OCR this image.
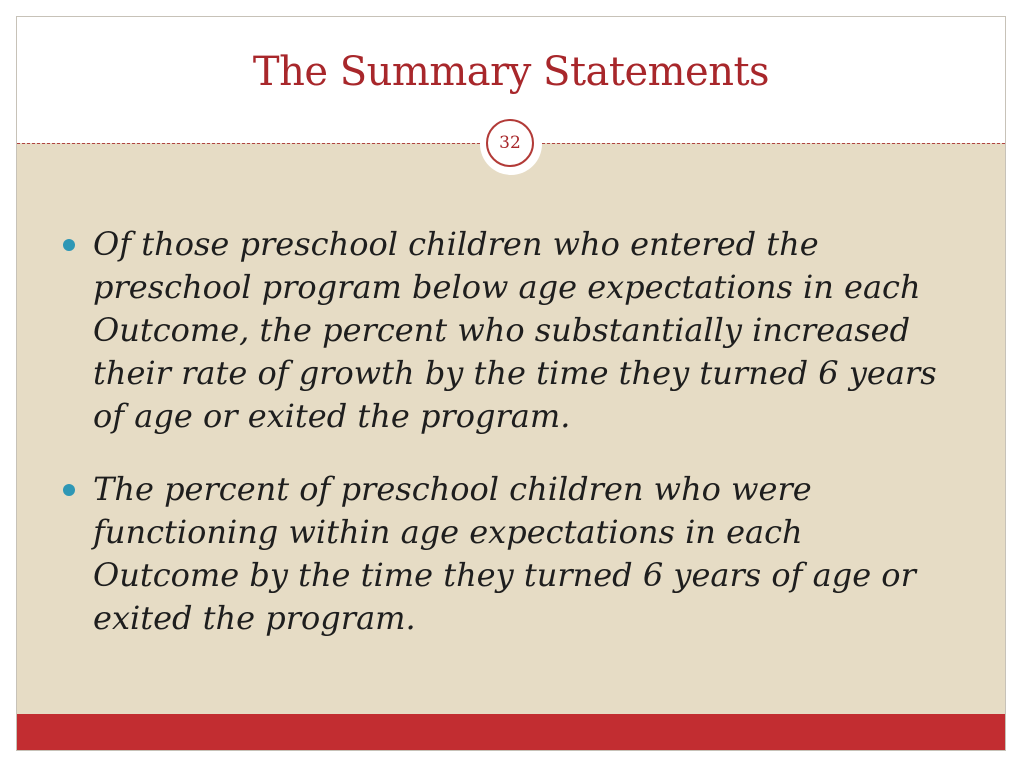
The Summary Statements
Of those preschool children who entered the preschool program below age expectations in each Outcome, the percent who substantially increased their rate of growth by the time they turned 6 years of age or exited the program.
The percent of preschool children who were functioning within age expectations in each Outcome by the time they turned 6 years of age or exited the program.
32
